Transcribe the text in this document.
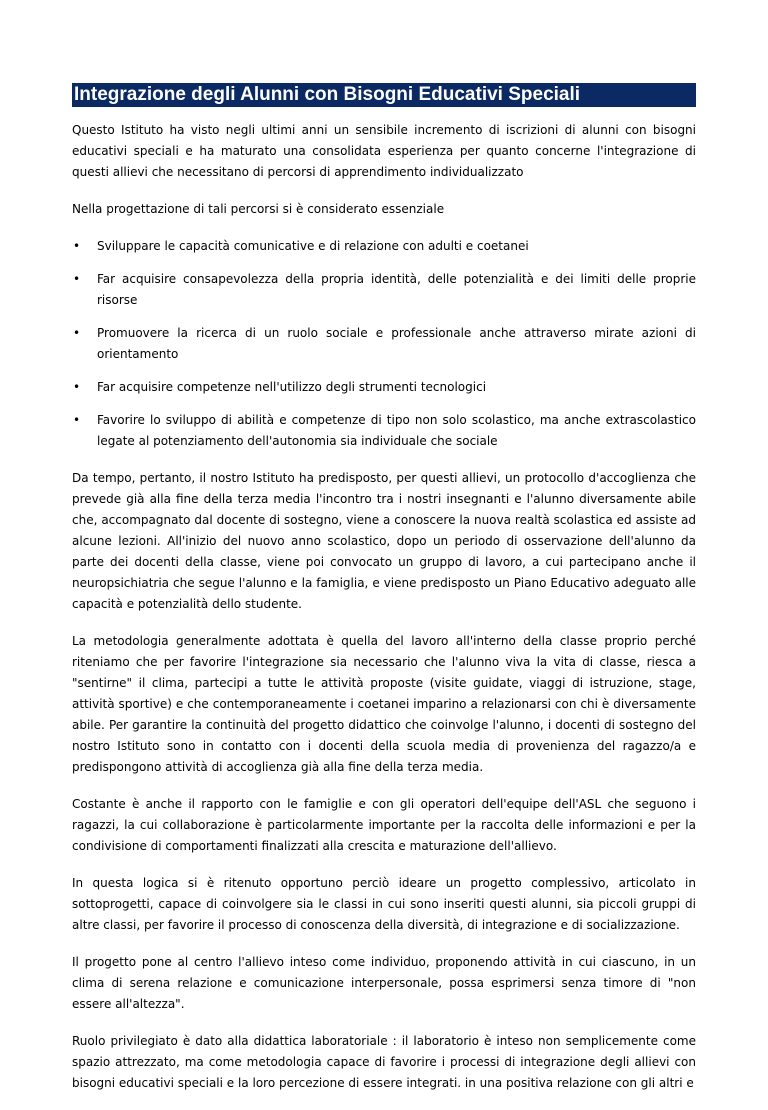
Integrazione degli Alunni con Bisogni Educativi Speciali

Questo Istituto ha visto negli ultimi anni un sensibile incremento di iscrizioni di alunni con bisogni educativi speciali e ha maturato una consolidata esperienza per quanto concerne l'integrazione di questi allievi che necessitano di percorsi di apprendimento individualizzato

Nella progettazione di tali percorsi si è considerato essenziale

• Sviluppare le capacità comunicative e di relazione con adulti e coetanei
• Far acquisire consapevolezza della propria identità, delle potenzialità e dei limiti delle proprie risorse
• Promuovere la ricerca di un ruolo sociale e professionale anche attraverso mirate azioni di orientamento
• Far acquisire competenze nell'utilizzo degli strumenti tecnologici
• Favorire lo sviluppo di abilità e competenze di tipo non solo scolastico, ma anche extrascolastico legate al potenziamento dell'autonomia sia individuale che sociale

Da tempo, pertanto, il nostro Istituto ha predisposto, per questi allievi, un protocollo d'accoglienza che prevede già alla fine della terza media l'incontro tra i nostri insegnanti e l'alunno diversamente abile che, accompagnato dal docente di sostegno, viene a conoscere la nuova realtà scolastica ed assiste ad alcune lezioni. All'inizio del nuovo anno scolastico, dopo un periodo di osservazione dell'alunno da parte dei docenti della classe, viene poi convocato un gruppo di lavoro, a cui partecipano anche il neuropsichiatria che segue l'alunno e la famiglia, e viene predisposto un Piano Educativo adeguato alle capacità e potenzialità dello studente.

La metodologia generalmente adottata è quella del lavoro all'interno della classe proprio perché riteniamo che per favorire l'integrazione sia necessario che l'alunno viva la vita di classe, riesca a "sentirne" il clima, partecipi a tutte le attività proposte (visite guidate, viaggi di istruzione, stage, attività sportive) e che contemporaneamente i coetanei imparino a relazionarsi con chi è diversamente abile. Per garantire la continuità del progetto didattico che coinvolge l'alunno, i docenti di sostegno del nostro Istituto sono in contatto con i docenti della scuola media di provenienza del ragazzo/a e predispongono attività di accoglienza già alla fine della terza media.

Costante è anche il rapporto con le famiglie e con gli operatori dell'equipe dell'ASL che seguono i ragazzi, la cui collaborazione è particolarmente importante per la raccolta delle informazioni e per la condivisione di comportamenti finalizzati alla crescita e maturazione dell'allievo.

In questa logica si è ritenuto opportuno perciò ideare un progetto complessivo, articolato in sottoprogetti, capace di coinvolgere sia le classi in cui sono inseriti questi alunni, sia piccoli gruppi di altre classi, per favorire il processo di conoscenza della diversità, di integrazione e di socializzazione.

Il progetto pone al centro l'allievo inteso come individuo, proponendo attività in cui ciascuno, in un clima di serena relazione e comunicazione interpersonale, possa esprimersi senza timore di "non essere all'altezza".

Ruolo privilegiato è dato alla didattica laboratoriale : il laboratorio è inteso non semplicemente come spazio attrezzato, ma come metodologia capace di favorire i processi di integrazione degli allievi con bisogni educativi speciali e la loro percezione di essere integrati. in una positiva relazione con gli altri e
